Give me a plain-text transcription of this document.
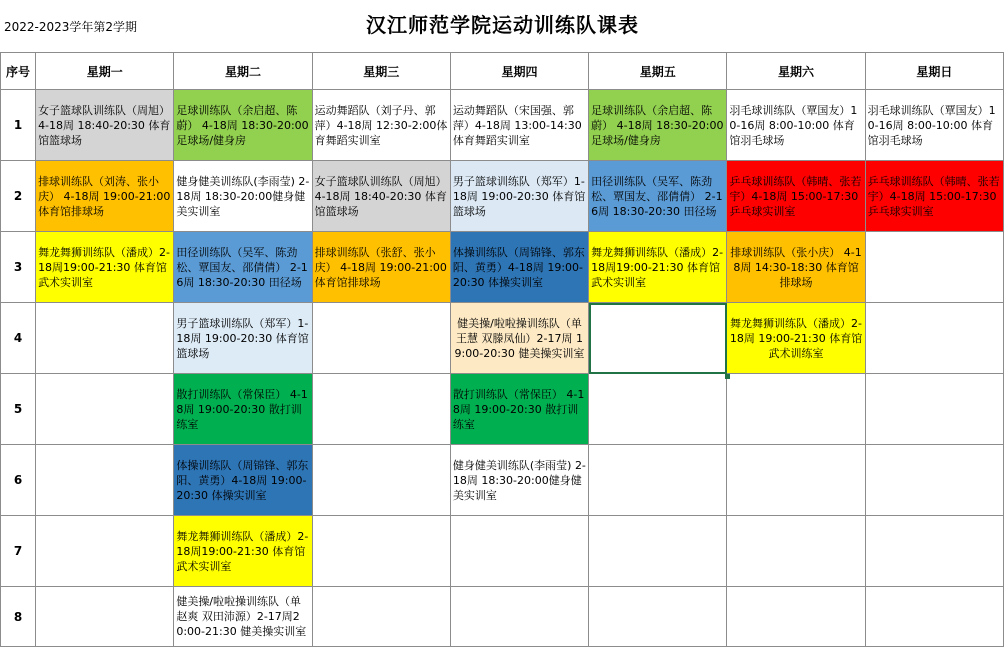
2022-2023学年第2学期	汉江师范学院运动训练队课表
序号	星期一	星期二	星期三	星期四	星期五	星期六	星期日
1	女子篮球队训练队（周旭） 4-18周 18:40-20:30 体育馆篮球场	足球训练队（余启超、陈蔚） 4-18周 18:30-20:00 足球场/健身房	运动舞蹈队（刘子丹、郭萍）4-18周 12:30-2:00体育舞蹈实训室	运动舞蹈队（宋国强、郭萍）4-18周 13:00-14:30 体育舞蹈实训室	足球训练队（余启超、陈蔚） 4-18周 18:30-20:00 足球场/健身房	羽毛球训练队（覃国友）10-16周 8:00-10:00 体育馆羽毛球场	羽毛球训练队（覃国友）10-16周 8:00-10:00 体育馆羽毛球场
2	排球训练队（刘涛、张小庆） 4-18周 19:00-21:00 体育馆排球场	健身健美训练队(李雨莹) 2-18周 18:30-20:00健身健美实训室	女子篮球队训练队（周旭） 4-18周 18:40-20:30 体育馆篮球场	男子篮球训练队（郑军）1-18周 19:00-20:30 体育馆篮球场	田径训练队（吴军、陈劲松、覃国友、邵倩倩） 2-16周 18:30-20:30 田径场	乒乓球训练队（韩晴、张若宇）4-18周 15:00-17:30 乒乓球实训室	乒乓球训练队（韩晴、张若宇）4-18周 15:00-17:30 乒乓球实训室
3	舞龙舞狮训练队（潘成）2-18周19:00-21:30 体育馆武术实训室	田径训练队（吴军、陈劲松、覃国友、邵倩倩） 2-16周 18:30-20:30 田径场	排球训练队（张舒、张小庆） 4-18周 19:00-21:00 体育馆排球场	体操训练队（周锦锋、郭东阳、黄勇）4-18周 19:00-20:30 体操实训室	舞龙舞狮训练队（潘成）2-18周19:00-21:30 体育馆武术实训室	排球训练队（张小庆） 4-18周 14:30-18:30 体育馆排球场	
4		男子篮球训练队（郑军）1-18周 19:00-20:30 体育馆篮球场		健美操/啦啦操训练队（单王慧 双滕凤仙）2-17周 19:00-20:30 健美操实训室		舞龙舞狮训练队（潘成）2-18周 19:00-21:30 体育馆武术训练室	
5		散打训练队（常保臣） 4-18周 19:00-20:30 散打训练室		散打训练队（常保臣） 4-18周 19:00-20:30 散打训练室			
6		体操训练队（周锦锋、郭东阳、黄勇）4-18周 19:00-20:30 体操实训室		健身健美训练队(李雨莹) 2-18周 18:30-20:00健身健美实训室			
7		舞龙舞狮训练队（潘成）2-18周19:00-21:30 体育馆武术实训室					
8		健美操/啦啦操训练队（单赵爽 双田沛源）2-17周20:00-21:30 健美操实训室					
